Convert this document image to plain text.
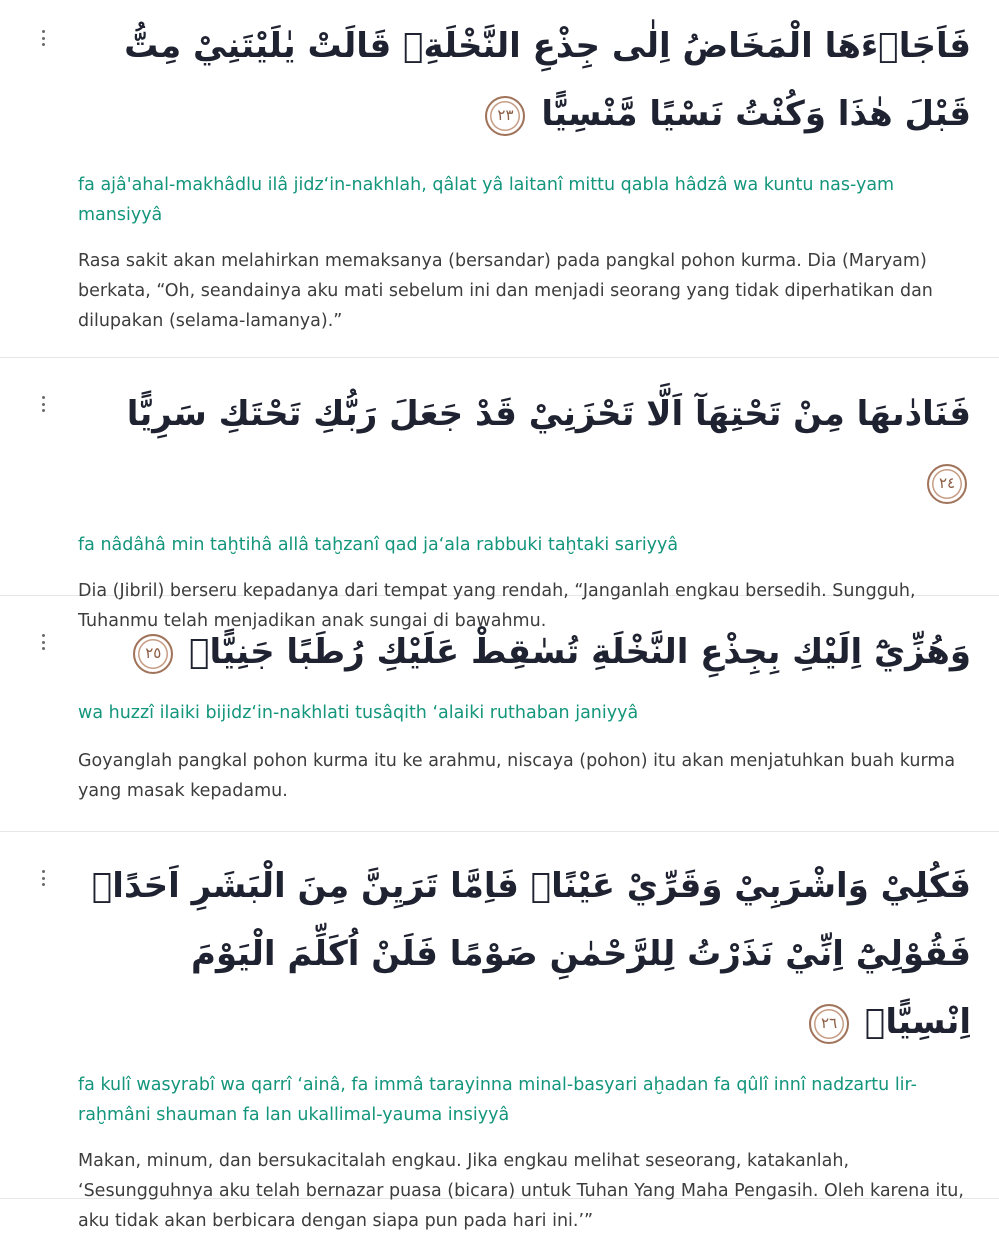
فَاَجَاۤءَهَا الْمَخَاضُ اِلٰى جِذْعِ النَّخْلَةِۚ قَالَتْ يٰلَيْتَنِيْ مِتُّ قَبْلَ هٰذَا وَكُنْتُ نَسْيًا مَّنْسِيًّا ٢٣
fa ajâ'ahal-makhâdlu ilâ jidz‘in-nakhlah, qâlat yâ laitanî mittu qabla hâdzâ wa kuntu nas-yam mansiyyâ
Rasa sakit akan melahirkan memaksanya (bersandar) pada pangkal pohon kurma. Dia (Maryam) berkata, “Oh, seandainya aku mati sebelum ini dan menjadi seorang yang tidak diperhatikan dan dilupakan (selama-lamanya).”
فَنَادٰىهَا مِنْ تَحْتِهَآ اَلَّا تَحْزَنِيْ قَدْ جَعَلَ رَبُّكِ تَحْتَكِ سَرِيًّا ٢٤
fa nâdâhâ min taḫtihâ allâ taḫzanî qad ja‘ala rabbuki taḫtaki sariyyâ
Dia (Jibril) berseru kepadanya dari tempat yang rendah, “Janganlah engkau bersedih. Sungguh, Tuhanmu telah menjadikan anak sungai di bawahmu.
وَهُزِّيْٓ اِلَيْكِ بِجِذْعِ النَّخْلَةِ تُسٰقِطْ عَلَيْكِ رُطَبًا جَنِيًّاۖ ٢٥
wa huzzî ilaiki bijidz‘in-nakhlati tusâqith ‘alaiki ruthaban janiyyâ
Goyanglah pangkal pohon kurma itu ke arahmu, niscaya (pohon) itu akan menjatuhkan buah kurma yang masak kepadamu.
فَكُلِيْ وَاشْرَبِيْ وَقَرِّيْ عَيْنًاۚ فَاِمَّا تَرَيِنَّ مِنَ الْبَشَرِ اَحَدًاۙ فَقُوْلِيْٓ اِنِّيْ نَذَرْتُ لِلرَّحْمٰنِ صَوْمًا فَلَنْ اُكَلِّمَ الْيَوْمَ اِنْسِيًّاۚ ٢٦
fa kulî wasyrabî wa qarrî ‘ainâ, fa immâ tarayinna minal-basyari aḫadan fa qûlî innî nadzartu lir-raḫmâni shauman fa lan ukallimal-yauma insiyyâ
Makan, minum, dan bersukacitalah engkau. Jika engkau melihat seseorang, katakanlah, ‘Sesungguhnya aku telah bernazar puasa (bicara) untuk Tuhan Yang Maha Pengasih. Oleh karena itu, aku tidak akan berbicara dengan siapa pun pada hari ini.’”
